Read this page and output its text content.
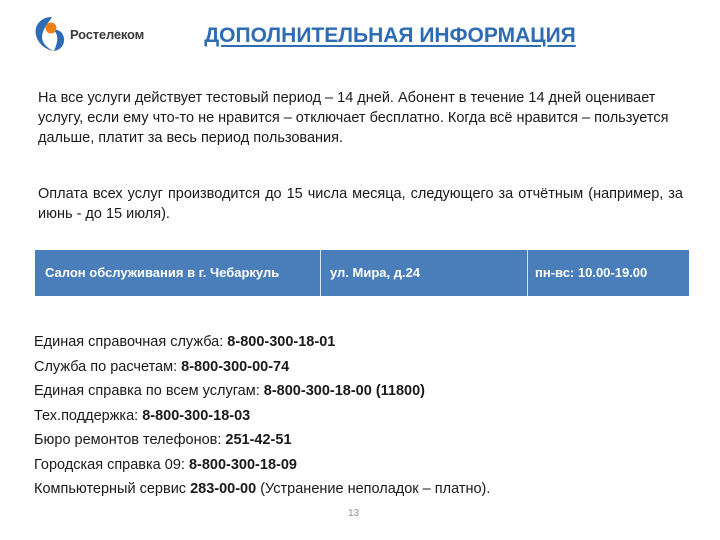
Ростелеком	ДОПОЛНИТЕЛЬНАЯ ИНФОРМАЦИЯ
На все услуги действует тестовый период – 14 дней. Абонент в течение 14 дней оценивает услугу, если ему что-то не нравится – отключает бесплатно. Когда всё нравится – пользуется дальше, платит за весь период пользования.
Оплата всех услуг производится до 15 числа месяца, следующего за отчётным (например, за июнь - до 15 июля).
Салон обслуживания в г. Чебаркуль	ул. Мира, д.24	пн-вс: 10.00-19.00
Единая справочная служба: 8-800-300-18-01
Служба по расчетам: 8-800-300-00-74
Единая справка по всем услугам: 8-800-300-18-00 (11800)
Тех.поддержка: 8-800-300-18-03
Бюро ремонтов телефонов: 251-42-51
Городская справка 09: 8-800-300-18-09
Компьютерный сервис 283-00-00 (Устранение неполадок – платно).
13
